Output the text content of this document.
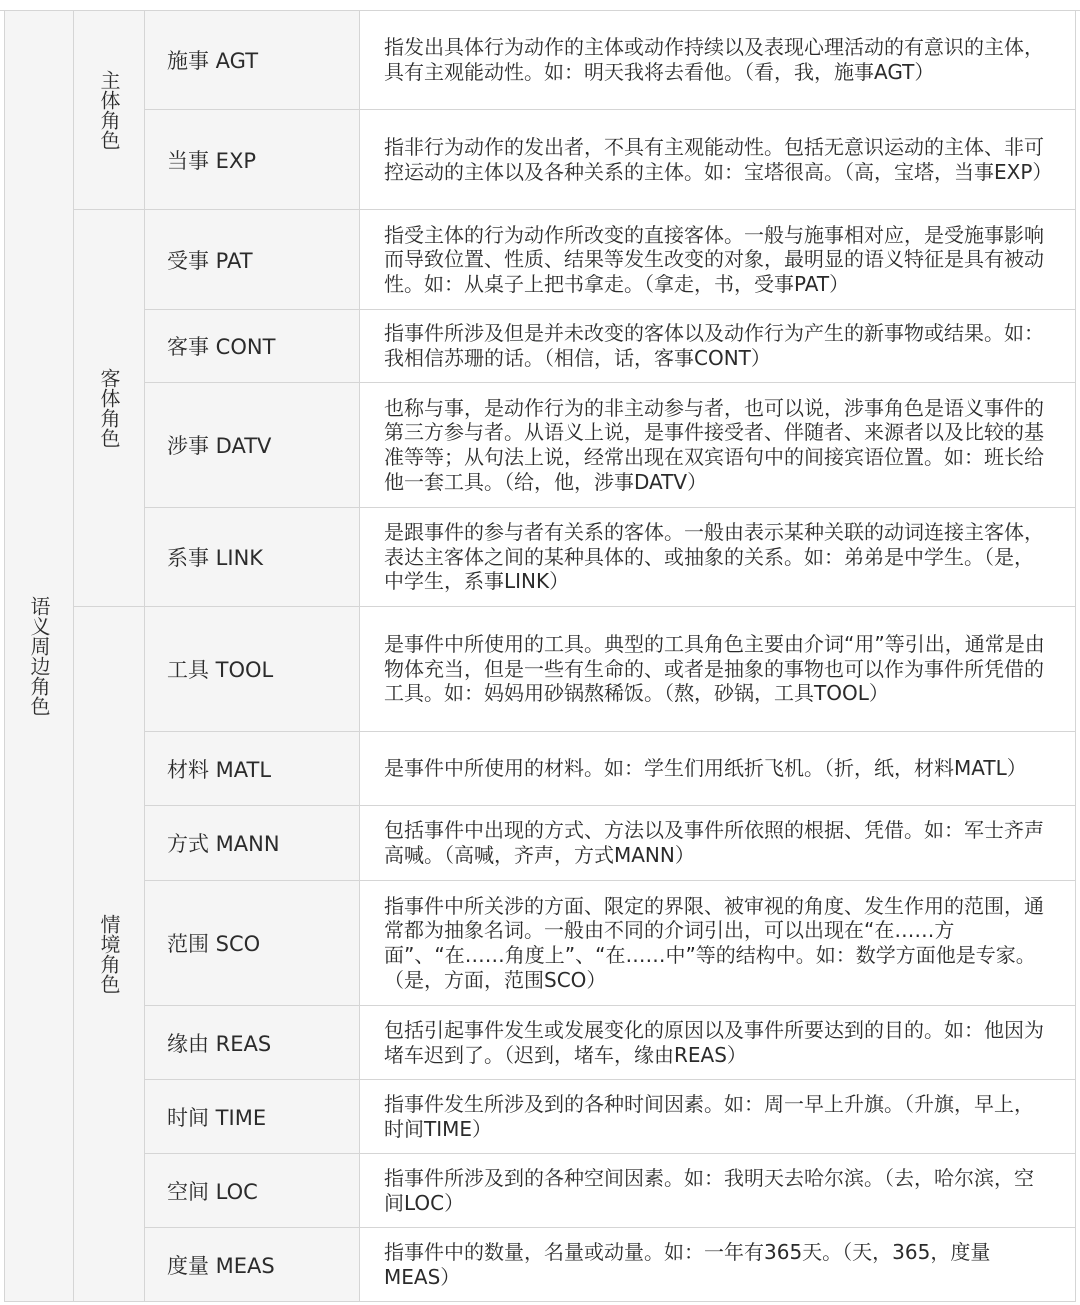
语义周边角色	主体角色	施事 AGT	指发出具体行为动作的主体或动作持续以及表现心理活动的有意识的主体，具有主观能动性。如：明天我将去看他。（看，我，施事AGT）
		当事 EXP	指非行为动作的发出者，不具有主观能动性。包括无意识运动的主体、非可控运动的主体以及各种关系的主体。如：宝塔很高。（高，宝塔，当事EXP）

	客体角色	受事 PAT	指受主体的行为动作所改变的直接客体。一般与施事相对应，是受施事影响而导致位置、性质、结果等发生改变的对象，最明显的语义特征是具有被动性。如：从桌子上把书拿走。（拿走，书，受事PAT）
		客事 CONT	指事件所涉及但是并未改变的客体以及动作行为产生的新事物或结果。如：我相信苏珊的话。（相信，话，客事CONT）
		涉事 DATV	也称与事，是动作行为的非主动参与者，也可以说，涉事角色是语义事件的第三方参与者。从语义上说，是事件接受者、伴随者、来源者以及比较的基准等等；从句法上说，经常出现在双宾语句中的间接宾语位置。如：班长给他一套工具。（给，他，涉事DATV）
		系事 LINK	是跟事件的参与者有关系的客体。一般由表示某种关联的动词连接主客体，表达主客体之间的某种具体的、或抽象的关系。如：弟弟是中学生。（是，中学生，系事LINK）

	情境角色	工具 TOOL	是事件中所使用的工具。典型的工具角色主要由介词“用”等引出，通常是由物体充当，但是一些有生命的、或者是抽象的事物也可以作为事件所凭借的工具。如：妈妈用砂锅熬稀饭。（熬，砂锅，工具TOOL）
		材料 MATL	是事件中所使用的材料。如：学生们用纸折飞机。（折，纸，材料MATL）
		方式 MANN	包括事件中出现的方式、方法以及事件所依照的根据、凭借。如：军士齐声高喊。（高喊，齐声，方式MANN）
		范围 SCO	指事件中所关涉的方面、限定的界限、被审视的角度、发生作用的范围，通常都为抽象名词。一般由不同的介词引出，可以出现在“在……方面”、“在……角度上”、“在……中”等的结构中。如：数学方面他是专家。（是，方面，范围SCO）
		缘由 REAS	包括引起事件发生或发展变化的原因以及事件所要达到的目的。如：他因为堵车迟到了。（迟到，堵车，缘由REAS）
		时间 TIME	指事件发生所涉及到的各种时间因素。如：周一早上升旗。（升旗，早上，时间TIME）
		空间 LOC	指事件所涉及到的各种空间因素。如：我明天去哈尔滨。（去，哈尔滨，空间LOC）
		度量 MEAS	指事件中的数量，名量或动量。如：一年有365天。（天，365，度量MEAS）
